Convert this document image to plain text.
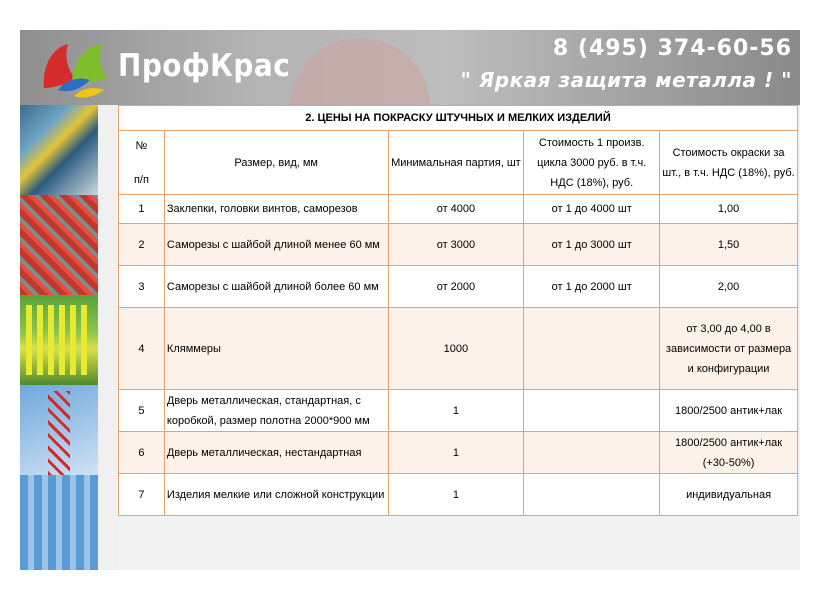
ПрофКрас	8 (495) 374-60-56
" Яркая защита металла ! "
2. ЦЕНЫ НА ПОКРАСКУ ШТУЧНЫХ И МЕЛКИХ ИЗДЕЛИЙ				

№
п/п	Размер, вид, мм	Минимальная партия, шт	Стоимость 1 произв. цикла 3000 руб. в т.ч. НДС (18%), руб.	Стоимость окраски за шт., в т.ч. НДС (18%), руб.
1	Заклепки, головки винтов, саморезов	от 4000	от 1 до 4000 шт	1,00
2	Саморезы с шайбой длиной менее 60 мм	от 3000	от 1 до 3000 шт	1,50
3	Саморезы с шайбой длиной более 60 мм	от 2000	от 1 до 2000 шт	2,00
4	Кляммеры	1000		от 3,00 до 4,00 в зависимости от размера и конфигурации
5	Дверь металлическая, стандартная, с коробкой, размер полотна 2000*900 мм	1		1800/2500 антик+лак
6	Дверь металлическая, нестандартная	1		1800/2500 антик+лак (+30-50%)
7	Изделия мелкие или сложной конструкции	1		индивидуальная
